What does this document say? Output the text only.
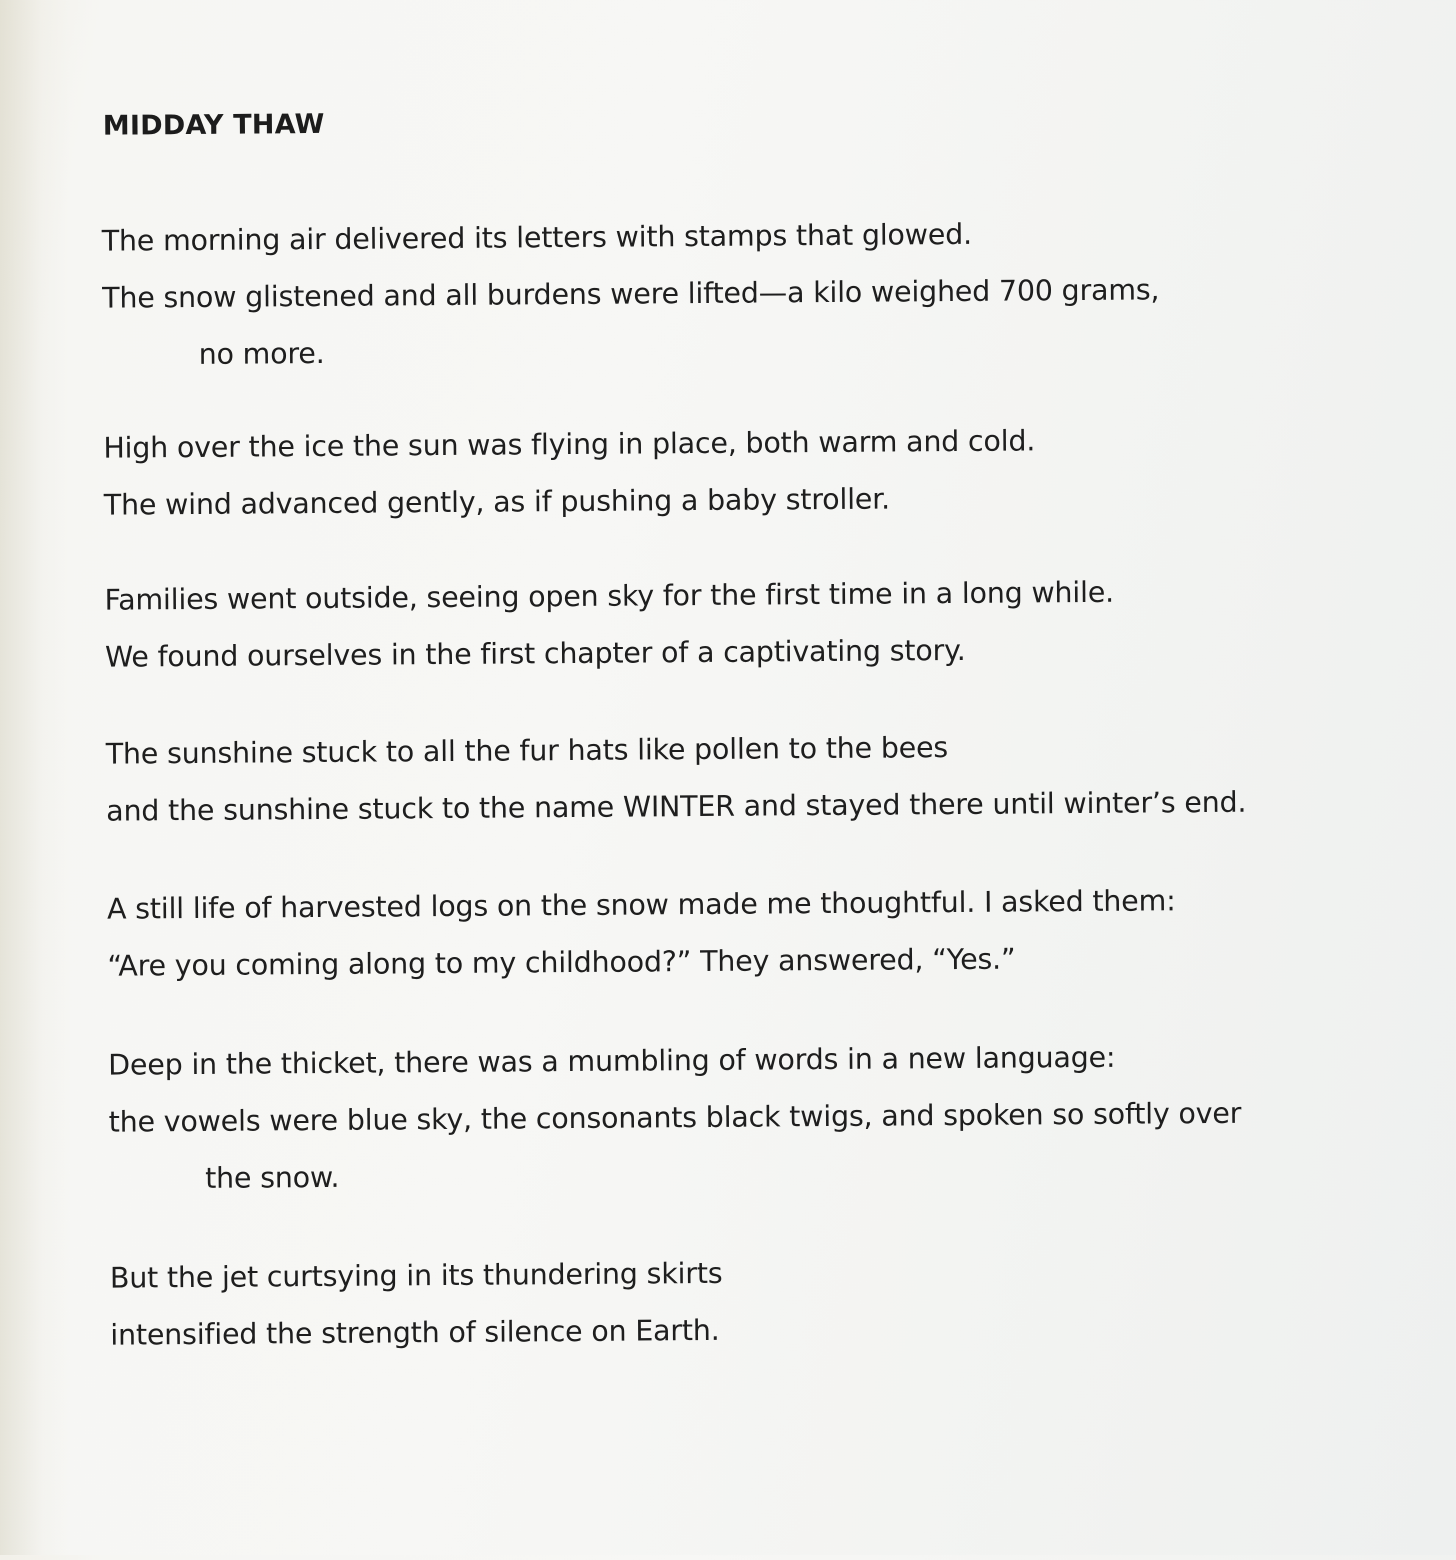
MIDDAY THAW
The morning air delivered its letters with stamps that glowed.
The snow glistened and all burdens were lifted—a kilo weighed 700 grams,
no more.
High over the ice the sun was flying in place, both warm and cold.
The wind advanced gently, as if pushing a baby stroller.
Families went outside, seeing open sky for the first time in a long while.
We found ourselves in the first chapter of a captivating story.
The sunshine stuck to all the fur hats like pollen to the bees
and the sunshine stuck to the name WINTER and stayed there until winter’s end.
A still life of harvested logs on the snow made me thoughtful. I asked them:
“Are you coming along to my childhood?” They answered, “Yes.”
Deep in the thicket, there was a mumbling of words in a new language:
the vowels were blue sky, the consonants black twigs, and spoken so softly over
the snow.
But the jet curtsying in its thundering skirts
intensified the strength of silence on Earth.
